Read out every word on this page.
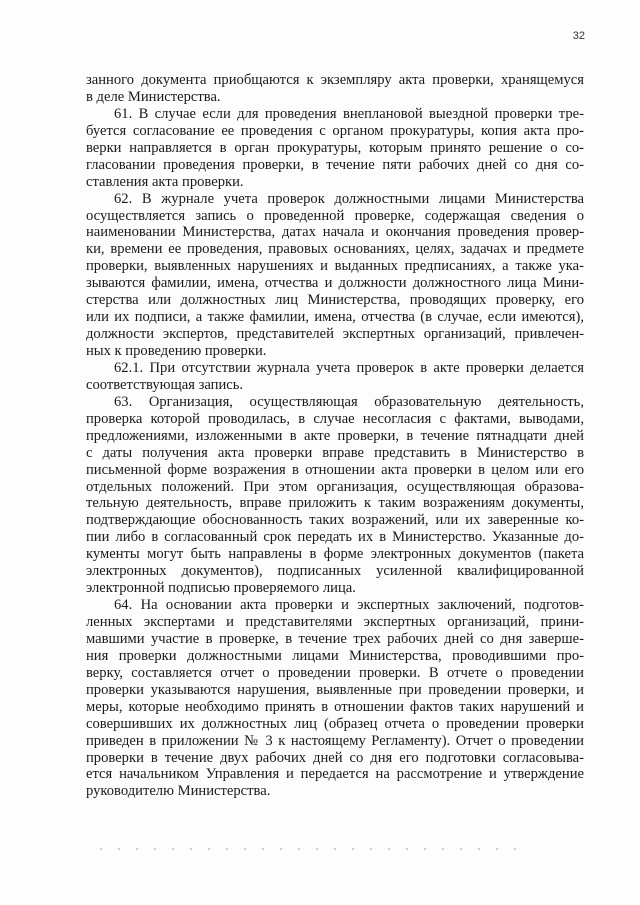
32
занного документа приобщаются к экземпляру акта проверки, хранящемуся
в деле Министерства.
61. В случае если для проведения внеплановой выездной проверки тре-
буется согласование ее проведения с органом прокуратуры, копия акта про-
верки направляется в орган прокуратуры, которым принято решение о со-
гласовании проведения проверки, в течение пяти рабочих дней со дня со-
ставления акта проверки.
62. В журнале учета проверок должностными лицами Министерства
осуществляется запись о проведенной проверке, содержащая сведения о
наименовании Министерства, датах начала и окончания проведения провер-
ки, времени ее проведения, правовых основаниях, целях, задачах и предмете
проверки, выявленных нарушениях и выданных предписаниях, а также ука-
зываются фамилии, имена, отчества и должности должностного лица Мини-
стерства или должностных лиц Министерства, проводящих проверку, его
или их подписи, а также фамилии, имена, отчества (в случае, если имеются),
должности экспертов, представителей экспертных организаций, привлечен-
ных к проведению проверки.
62.1. При отсутствии журнала учета проверок в акте проверки делается
соответствующая запись.
63. Организация, осуществляющая образовательную деятельность,
проверка которой проводилась, в случае несогласия с фактами, выводами,
предложениями, изложенными в акте проверки, в течение пятнадцати дней
с даты получения акта проверки вправе представить в Министерство в
письменной форме возражения в отношении акта проверки в целом или его
отдельных положений. При этом организация, осуществляющая образова-
тельную деятельность, вправе приложить к таким возражениям документы,
подтверждающие обоснованность таких возражений, или их заверенные ко-
пии либо в согласованный срок передать их в Министерство. Указанные до-
кументы могут быть направлены в форме электронных документов (пакета
электронных документов), подписанных усиленной квалифицированной
электронной подписью проверяемого лица.
64. На основании акта проверки и экспертных заключений, подготов-
ленных экспертами и представителями экспертных организаций, прини-
мавшими участие в проверке, в течение трех рабочих дней со дня заверше-
ния проверки должностными лицами Министерства, проводившими про-
верку, составляется отчет о проведении проверки. В отчете о проведении
проверки указываются нарушения, выявленные при проведении проверки, и
меры, которые необходимо принять в отношении фактов таких нарушений и
совершивших их должностных лиц (образец отчета о проведении проверки
приведен в приложении № 3 к настоящему Регламенту). Отчет о проведении
проверки в течение двух рабочих дней со дня его подготовки согласовыва-
ется начальником Управления и передается на рассмотрение и утверждение
руководителю Министерства.
